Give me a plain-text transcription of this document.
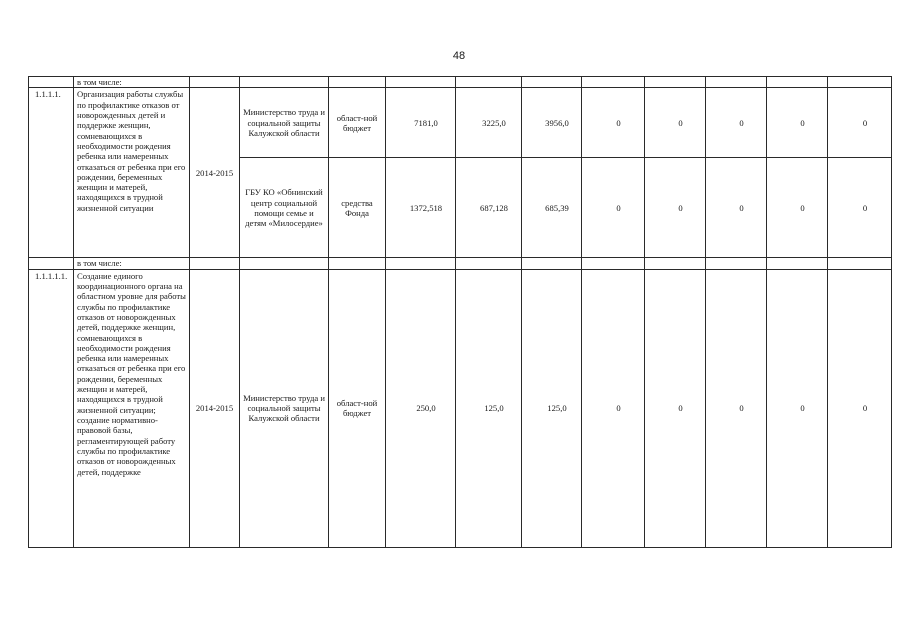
48
	в том числе:											
1.1.1.1.	Организация работы службы по профилактике отказов от новорожденных детей и поддержке женщин, сомневающихся в необходимости рождения ребенка или намеренных отказаться от ребенка при его рождении, беременных женщин и матерей, находящихся в трудной жизненной ситуации	2014-2015	Министерство труда и социальной защиты Калужской области	област-ной бюджет	7181,0	3225,0	3956,0	0	0	0	0	0
			ГБУ КО «Обнинский центр социальной помощи семье и детям «Милосердие»	средства Фонда	1372,518	687,128	685,39	0	0	0	0	0
	в том числе:											
1.1.1.1.1.	Создание единого координационного органа на областном уровне для работы службы по профилактике отказов от новорожденных детей, поддержке женщин, сомневающихся в необходимости рождения ребенка или намеренных отказаться от ребенка при его рождении, беременных женщин и матерей, находящихся в трудной жизненной ситуации; создание нормативно-правовой базы, регламентирующей работу службы по профилактике отказов от новорожденных детей, поддержке	2014-2015	Министерство труда и социальной защиты Калужской области	област-ной бюджет	250,0	125,0	125,0	0	0	0	0	0
